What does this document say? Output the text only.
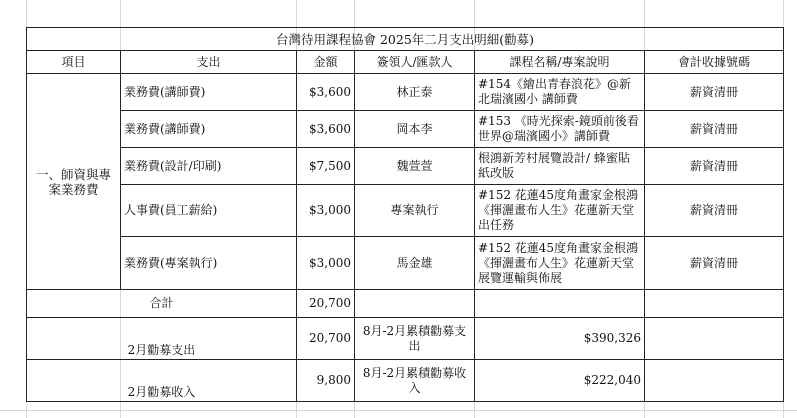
台灣待用課程協會 2025年二月支出明細(勸募)					
項目	支出	金額	簽領人/匯款人	課程名稱/專案說明	會計收據號碼
一、師資與專案業務費	業務費(講師費)	$3,600	林正泰	#154《繪出青春浪花》@新北瑞濱國小 講師費	薪資清冊
	業務費(講師費)	$3,600	岡本李	#153 《時光探索-鏡頭前後看世界@瑞濱國小》講師費	薪資清冊
	業務費(設計/印刷)	$7,500	魏萱萱	根鴻新芳村展覽設計/ 蜂蜜貼紙改版	薪資清冊
	人事費(員工薪給)	$3,000	專案執行	#152 花蓮45度角畫家金根鴻《揮灑畫布人生》花蓮新天堂出任務	薪資清冊
	業務費(專案執行)	$3,000	馬金雄	#152 花蓮45度角畫家金根鴻《揮灑畫布人生》花蓮新天堂展覽運輸與佈展	薪資清冊
合計		20,700			
2月勸募支出		20,700	8月-2月累積勸募支出	$390,326	
2月勸募收入		9,800	8月-2月累積勸募收入	$222,040	
